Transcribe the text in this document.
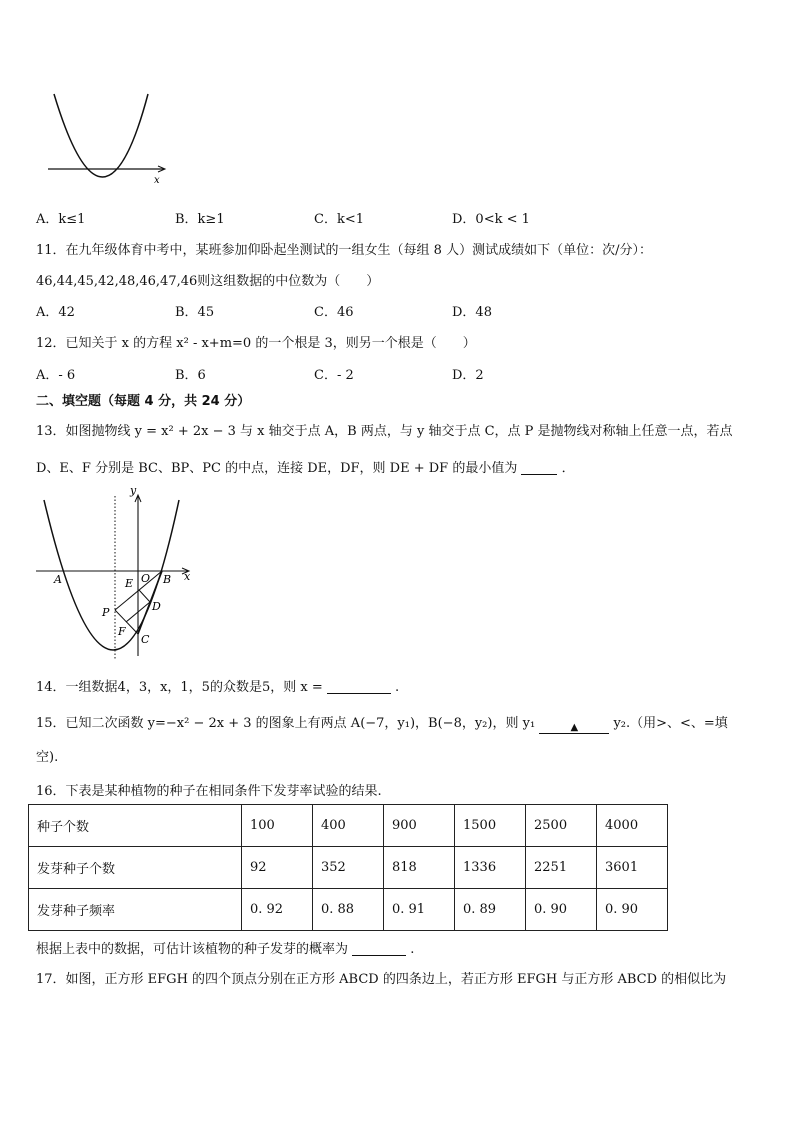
x
A．k≤1	B．k≥1	C．k<1	D．0<k < 1
11．在九年级体育中考中，某班参加仰卧起坐测试的一组女生（每组 8 人）测试成绩如下（单位：次/分）：
46,44,45,42,48,46,47,46则这组数据的中位数为（　　）
A．42	B．45	C．46	D．48
12．已知关于 x 的方程 x² - x+m=0 的一个根是 3，则另一个根是（　　）
A．- 6	B．6	C．- 2	D．2
二、填空题（每题 4 分，共 24 分）
13．如图抛物线 y = x² + 2x − 3 与 x 轴交于点 A，B 两点，与 y 轴交于点 C，点 P 是抛物线对称轴上任意一点，若点
D、E、F 分别是 BC、BP、PC 的中点，连接 DE，DF，则 DE + DF 的最小值为	．
y
x
A	O B
E
D
P
F
C
14．一组数据4，3，x，1，5的众数是5，则 x =	.
15．已知二次函数 y=−x² − 2x + 3 的图象上有两点 A(−7，y₁)，B(−8，y₂)，则 y₁	▲	y₂.（用>、<、=填
空).
16．下表是某种植物的种子在相同条件下发芽率试验的结果.
种子个数	100	400	900	1500	2500	4000
发芽种子个数	92	352	818	1336	2251	3601
发芽种子频率	0. 92	0. 88	0. 91	0. 89	0. 90	0. 90
根据上表中的数据，可估计该植物的种子发芽的概率为	.
17．如图，正方形 EFGH 的四个顶点分别在正方形 ABCD 的四条边上，若正方形 EFGH 与正方形 ABCD 的相似比为
